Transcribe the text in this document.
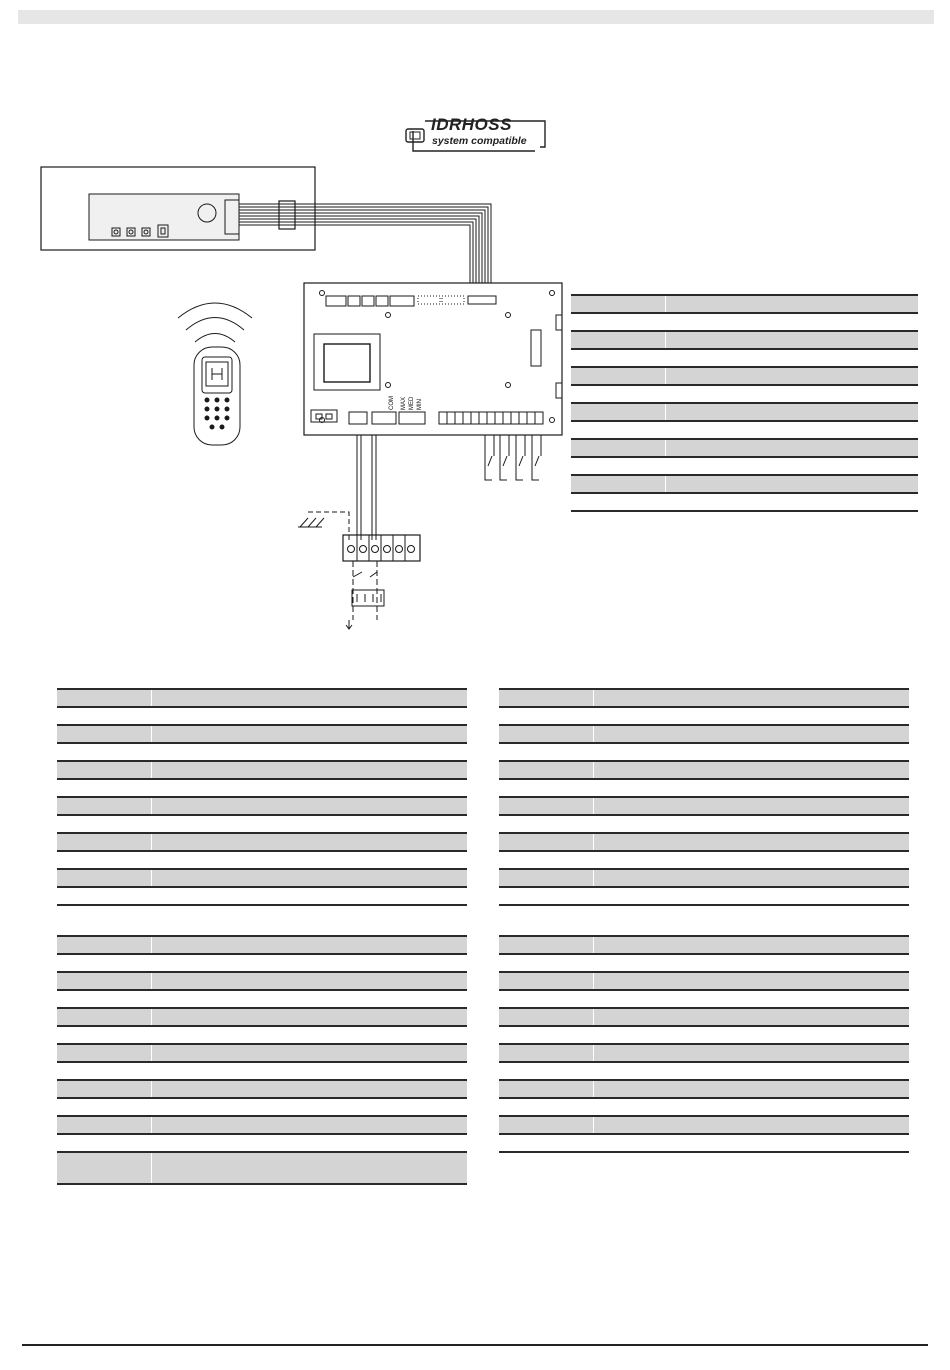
COM MAX MED MIN
IDRHOSS
system compatible
